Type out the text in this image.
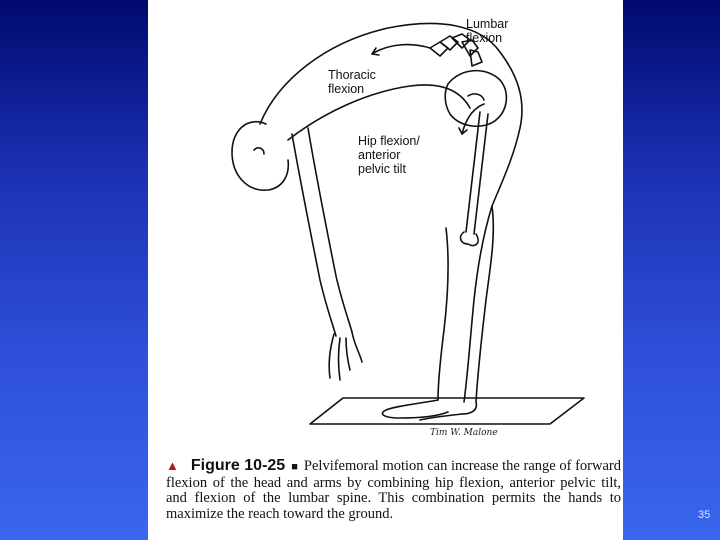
Lumbar
flexion
Thoracic
flexion
Hip flexion/
anterior
pelvic tilt
Tim W. Malone
▲ Figure 10-25 ■ Pelvifemoral motion can increase the range of forward flexion of the head and arms by combining hip flexion, anterior pelvic tilt, and flexion of the lumbar spine. This combination permits the hands to maximize the reach toward the ground.	35
